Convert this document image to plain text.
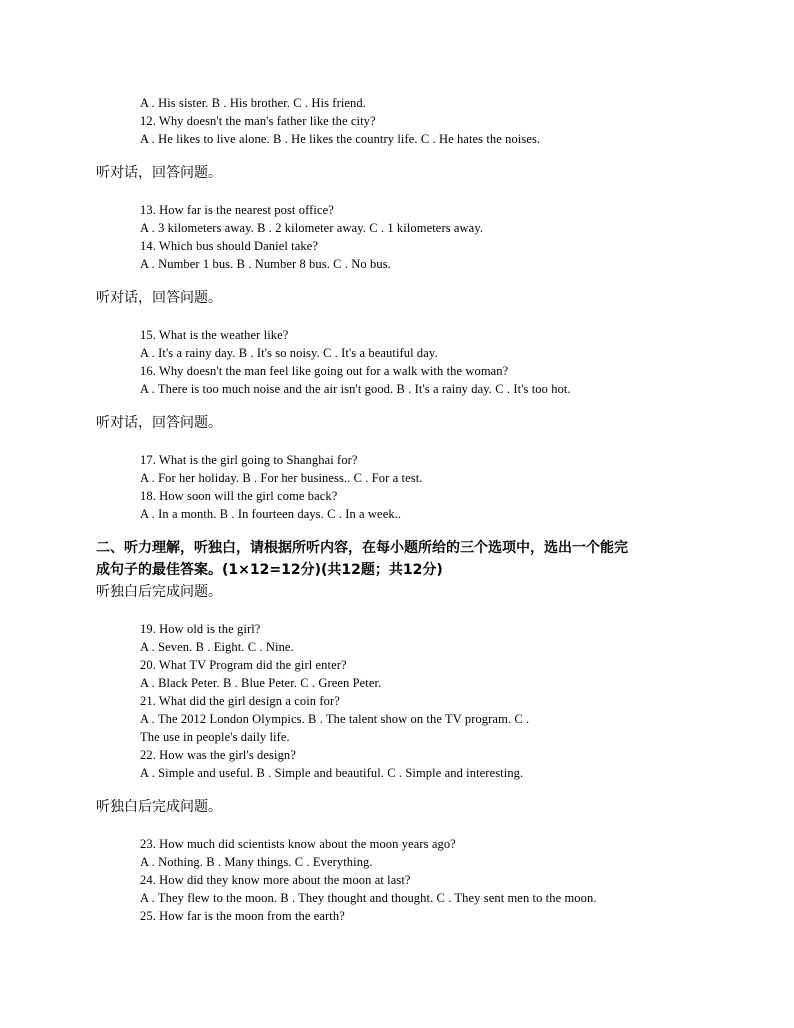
A . His sister. B . His brother. C . His friend.
12. Why doesn't the man's father like the city?
A . He likes to live alone. B . He likes the country life. C . He hates the noises.
听对话，回答问题。
13. How far is the nearest post office?
A . 3 kilometers away. B . 2 kilometer away. C . 1 kilometers away.
14. Which bus should Daniel take?
A . Number 1 bus. B . Number 8 bus. C . No bus.
听对话，回答问题。
15. What is the weather like?
A . It's a rainy day. B . It's so noisy. C . It's a beautiful day.
16. Why doesn't the man feel like going out for a walk with the woman?
A . There is too much noise and the air isn't good. B . It's a rainy day. C . It's too hot.
听对话，回答问题。
17. What is the girl going to Shanghai for?
A . For her holiday. B . For her business.. C . For a test.
18. How soon will the girl come back?
A . In a month. B . In fourteen days. C . In a week..
二、听力理解，听独白，请根据所听内容，在每小题所给的三个选项中，选出一个能完
成句子的最佳答案。(1×12=12分)(共12题；共12分)
听独白后完成问题。
19. How old is the girl?
A . Seven. B . Eight. C . Nine.
20. What TV Program did the girl enter?
A . Black Peter. B . Blue Peter. C . Green Peter.
21. What did the girl design a coin for?
A . The 2012 London Olympics. B . The talent show on the TV program. C .
The use in people's daily life.
22. How was the girl's design?
A . Simple and useful. B . Simple and beautiful. C . Simple and interesting.
听独白后完成问题。
23. How much did scientists know about the moon years ago?
A . Nothing. B . Many things. C . Everything.
24. How did they know more about the moon at last?
A . They flew to the moon. B . They thought and thought. C . They sent men to the moon.
25. How far is the moon from the earth?
